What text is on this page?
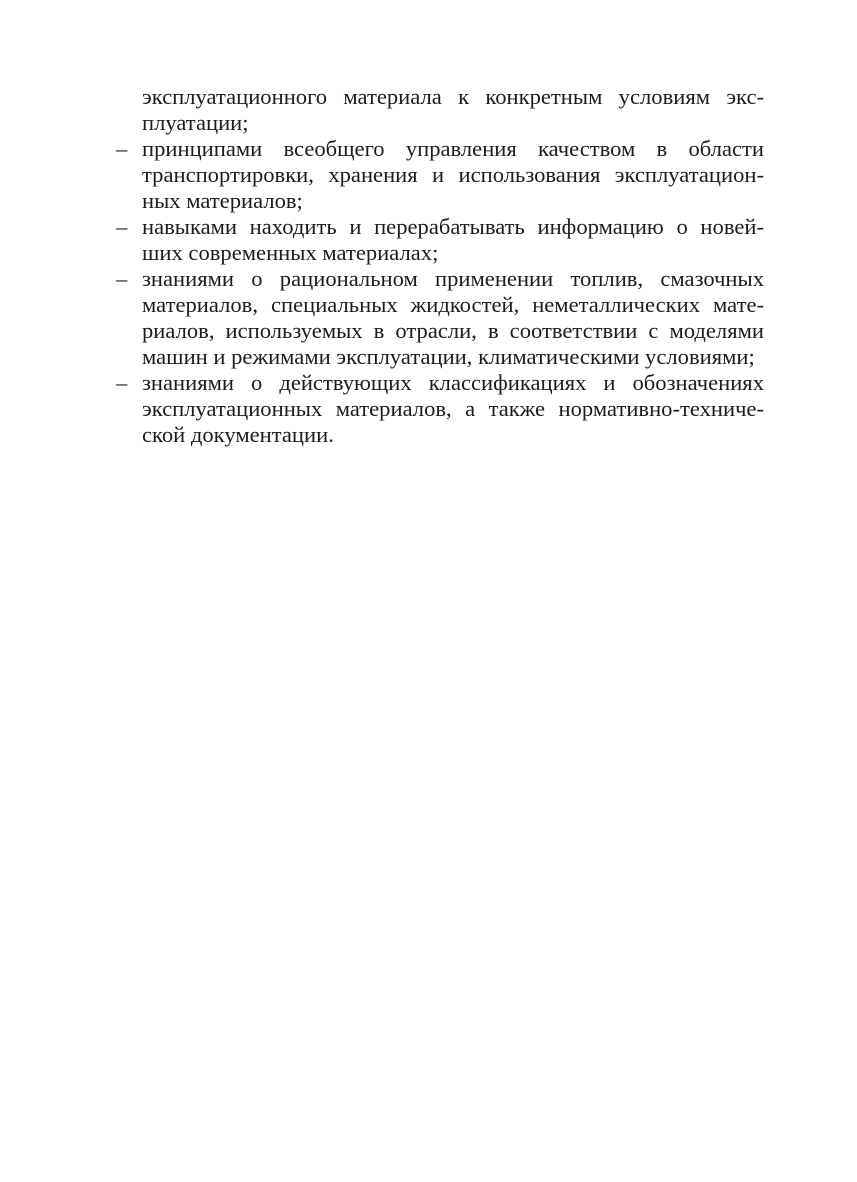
эксплуатационного материала к конкретным условиям экс-
плуатации;
– принципами всеобщего управления качеством в области
транспортировки, хранения и использования эксплуатацион-
ных материалов;
– навыками находить и перерабатывать информацию о новей-
ших современных материалах;
– знаниями о рациональном применении топлив, смазочных
материалов, специальных жидкостей, неметаллических мате-
риалов, используемых в отрасли, в соответствии с моделями
машин и режимами эксплуатации, климатическими условиями;
– знаниями о действующих классификациях и обозначениях
эксплуатационных материалов, а также нормативно-техниче-
ской документации.
